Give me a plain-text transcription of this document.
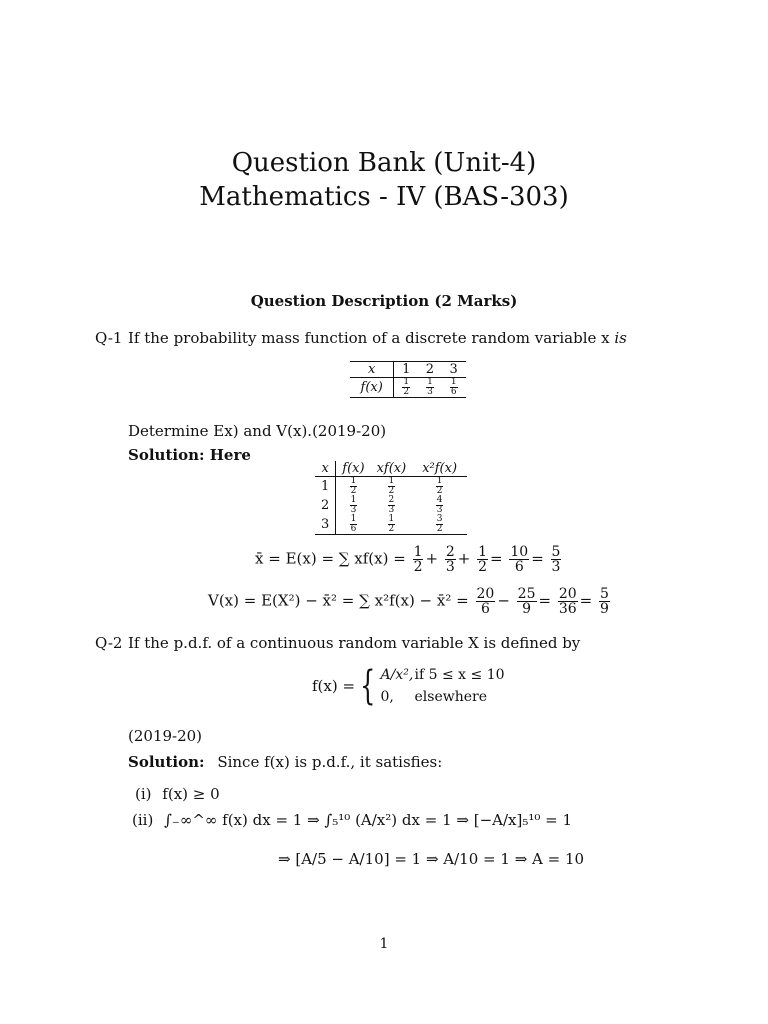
Question Bank (Unit-4)
Mathematics - IV (BAS-303)
Question Description (2 Marks)
Q-1 If the probability mass function of a discrete random variable x is
x	1	2	3
f(x)	$\frac{1}{2}$	$\frac{1}{3}$	$\frac{1}{6}$
Determine Ex) and V(x).(2019-20)
Solution: Here
x	f(x)	xf(x)	x²f(x)
1	$\frac{1}{2}$	$\frac{1}{2}$	$\frac{1}{2}$

2	$\frac{1}{3}$	$\frac{2}{3}$	$\frac{4}{3}$

3	$\frac{1}{6}$	$\frac{1}{2}$	$\frac{3}{2}$
x̄ = E(x) = ∑ $xf(x) = \frac{1}{2} + \frac{2}{3} + \frac{1}{2} = \frac{10}{6} = \frac{5}{3}$
V(x) = E(X²) − x̄² = ∑ x²f(x) − x̄² = $\frac{20}{6} - \frac{25}{9} = \frac{20}{36} = \frac{5}{9}$
Q-2 If the p.d.f. of a continuous random variable X is defined by
f(x) = { A/x²,if 5 ≤ x ≤ 10
0, elsewhere
(2019-20)
Solution: Since f(x) is p.d.f., it satisfies:
(i) f(x) ≥ 0
(ii) ∫₋∞^∞ f(x) dx = 1 ⇒ ∫₅¹⁰ (A/x²) dx = 1 ⇒ [−A/x]₅¹⁰ = 1
⇒ [A/5 − A/10] = 1 ⇒ A/10 = 1 ⇒ A = 10
1
